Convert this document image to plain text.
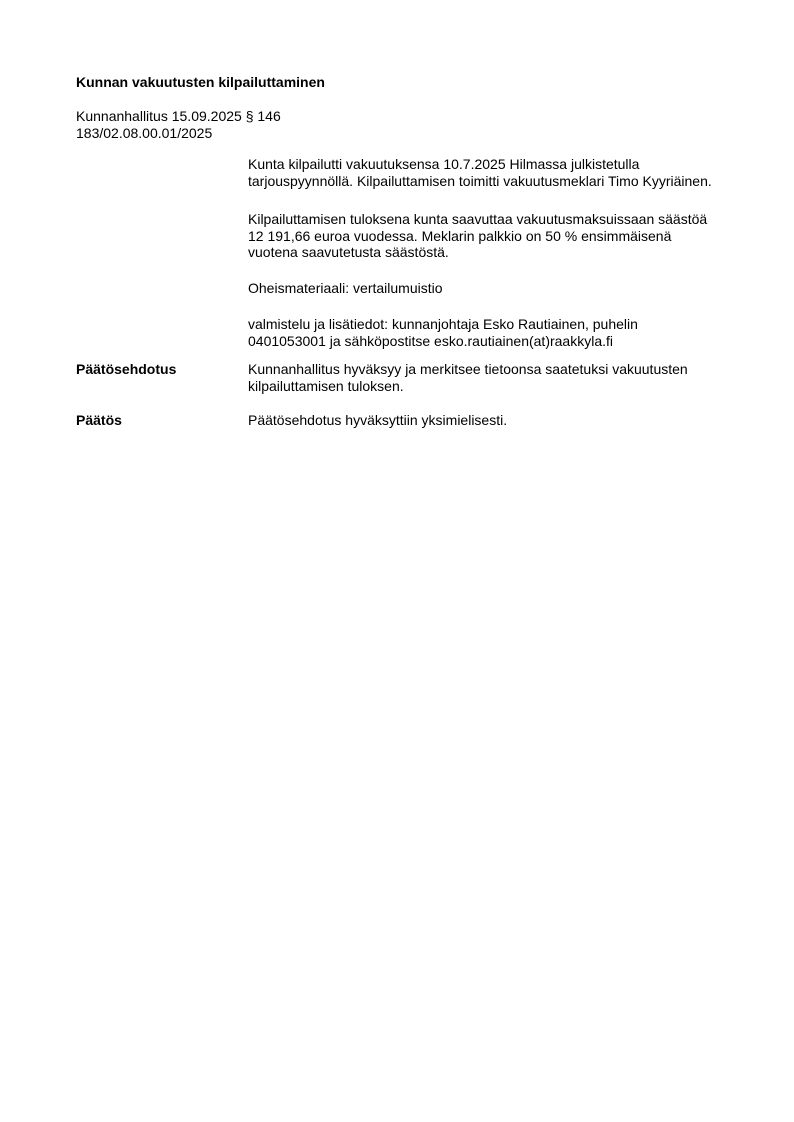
Kunnan vakuutusten kilpailuttaminen
Kunnanhallitus 15.09.2025 § 146
183/02.08.00.01/2025
Kunta kilpailutti vakuutuksensa 10.7.2025 Hilmassa julkistetulla
tarjouspyynnöllä. Kilpailuttamisen toimitti vakuutusmeklari Timo Kyyriäinen.
Kilpailuttamisen tuloksena kunta saavuttaa vakuutusmaksuissaan säästöä
12 191,66 euroa vuodessa. Meklarin palkkio on 50 % ensimmäisenä
vuotena saavutetusta säästöstä.
Oheismateriaali: vertailumuistio
valmistelu ja lisätiedot: kunnanjohtaja Esko Rautiainen, puhelin
0401053001 ja sähköpostitse esko.rautiainen(at)raakkyla.fi
Päätösehdotus	Kunnanhallitus hyväksyy ja merkitsee tietoonsa saatetuksi vakuutusten
kilpailuttamisen tuloksen.
Päätös	Päätösehdotus hyväksyttiin yksimielisesti.
